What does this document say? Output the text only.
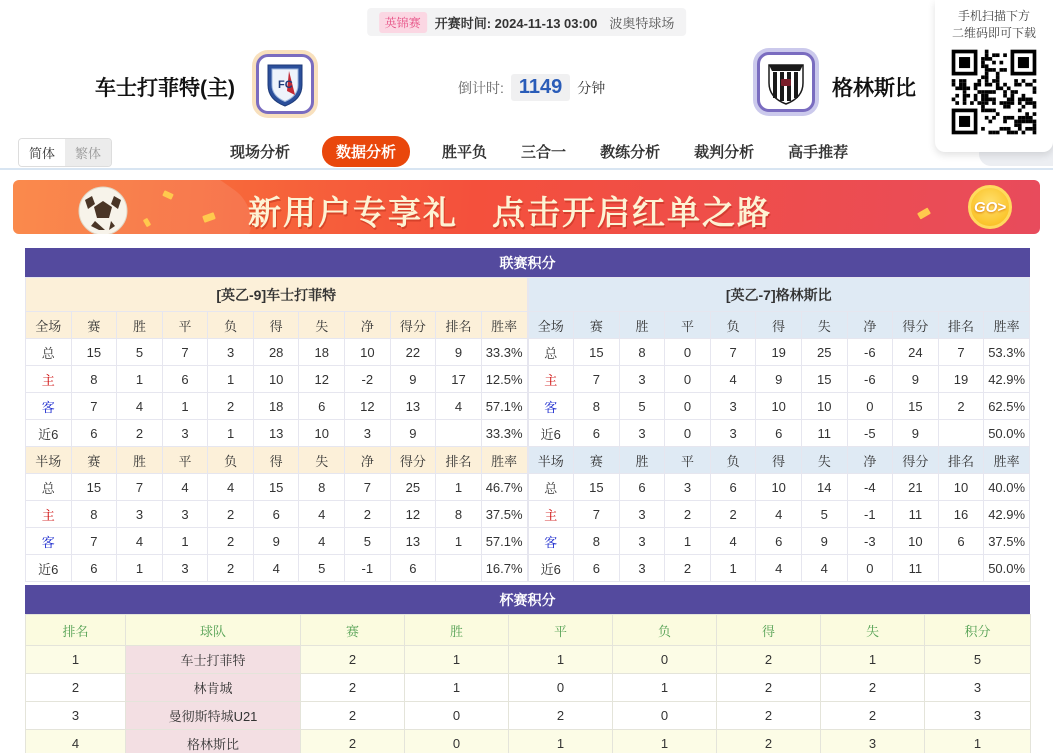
英锦赛	开赛时间: 2024-11-13 03:00 波奥特球场
车士打菲特(主)	FC	倒计时: 1149	分钟	格林斯比
手机扫描下方
二维码即可下载
简体	繁体	现场分析	数据分析	胜平负 三合一 教练分析 裁判分析 高手推荐
新用户专享礼 点击开启红单之路	GO>
联赛积分
[英乙-9]车士打菲特										
全场	赛	胜	平	负	得	失	净	得分	排名	胜率
总	15	5	7	3	28	18	10	22	9	33.3%
主	8	1	6	1	10	12	-2	9	17	12.5%
客	7	4	1	2	18	6	12	13	4	57.1%
近6	6	2	3	1	13	10	3	9		33.3%
半场	赛	胜	平	负	得	失	净	得分	排名	胜率
总	15	7	4	4	15	8	7	25	1	46.7%
主	8	3	3	2	6	4	2	12	8	37.5%
客	7	4	1	2	9	4	5	13	1	57.1%
近6	6	1	3	2	4	5	-1	6		16.7%
[英乙-7]格林斯比										
全场	赛	胜	平	负	得	失	净	得分	排名	胜率
总	15	8	0	7	19	25	-6	24	7	53.3%
主	7	3	0	4	9	15	-6	9	19	42.9%
客	8	5	0	3	10	10	0	15	2	62.5%
近6	6	3	0	3	6	11	-5	9		50.0%
半场	赛	胜	平	负	得	失	净	得分	排名	胜率
总	15	6	3	6	10	14	-4	21	10	40.0%
主	7	3	2	2	4	5	-1	11	16	42.9%
客	8	3	1	4	6	9	-3	10	6	37.5%
近6	6	3	2	1	4	4	0	11		50.0%
杯赛积分
排名	球队	赛	胜	平	负	得	失	积分
1	车士打菲特	2	1	1	0	2	1	5
2	林肯城	2	1	0	1	2	2	3
3	曼彻斯特城U21	2	0	2	0	2	2	3
4	格林斯比	2	0	1	1	2	3	1
